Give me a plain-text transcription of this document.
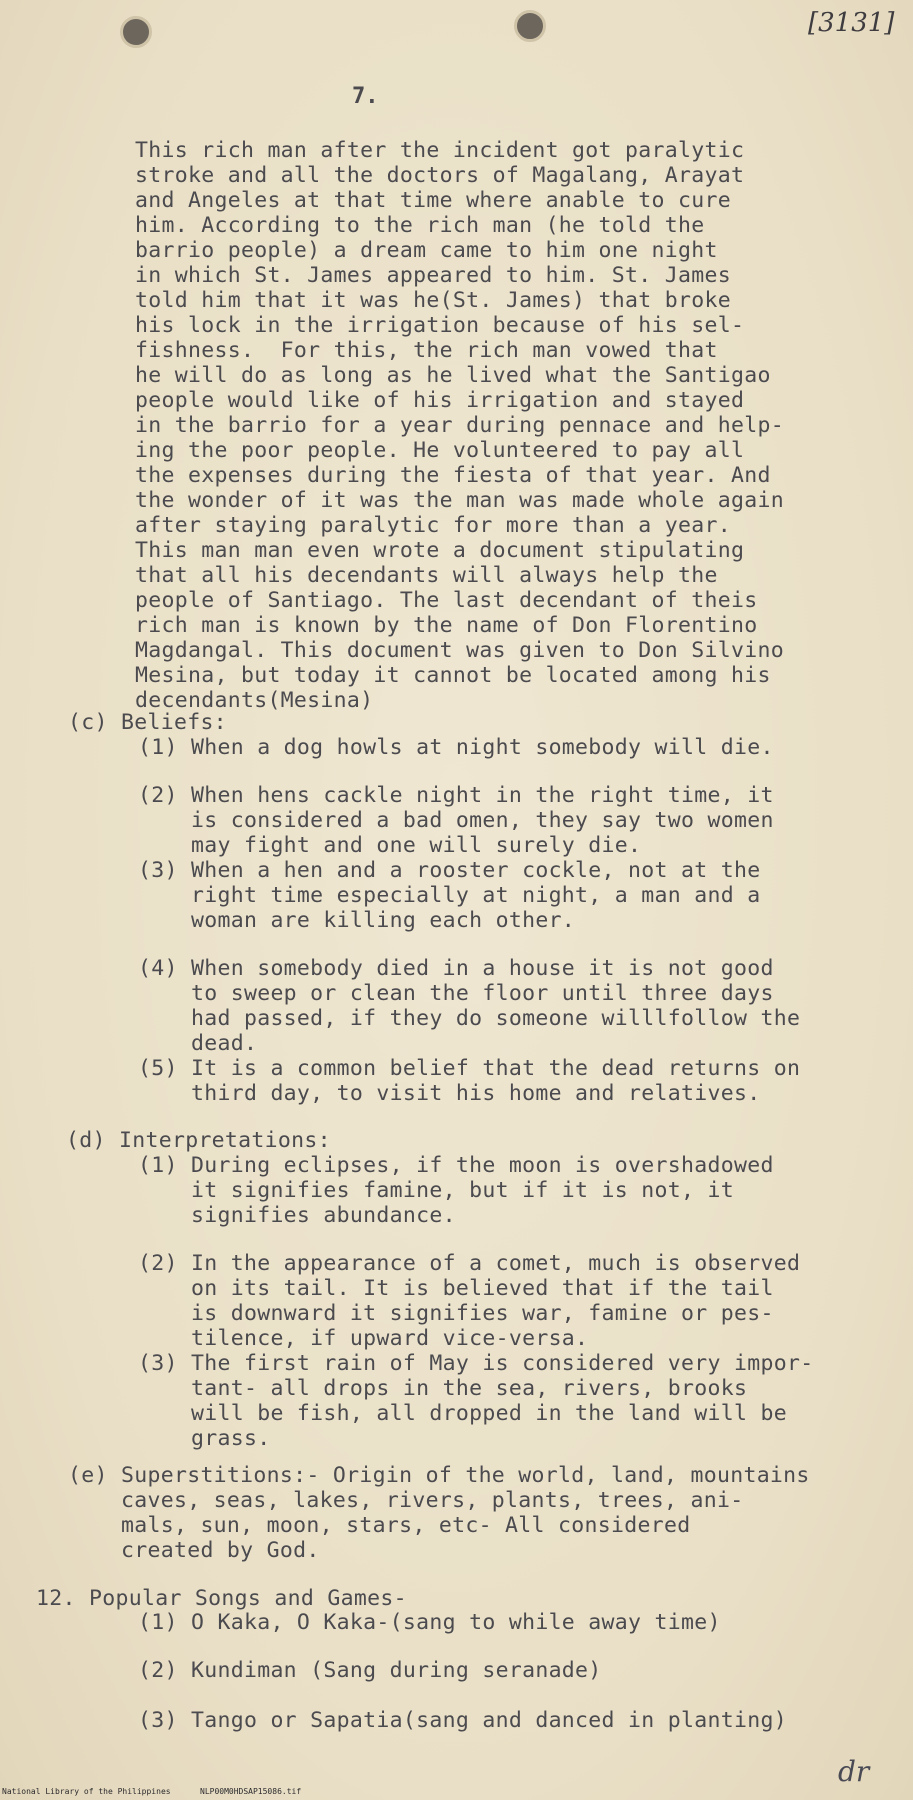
[3131]
7.
This rich man after the incident got paralytic
stroke and all the doctors of Magalang, Arayat
and Angeles at that time where anable to cure
him. According to the rich man (he told the
barrio people) a dream came to him one night
in which St. James appeared to him. St. James
told him that it was he(St. James) that broke
his lock in the irrigation because of his sel-
fishness.  For this, the rich man vowed that
he will do as long as he lived what the Santigao
people would like of his irrigation and stayed
in the barrio for a year during pennace and help-
ing the poor people. He volunteered to pay all
the expenses during the fiesta of that year. And
the wonder of it was the man was made whole again
after staying paralytic for more than a year.
This man man even wrote a document stipulating
that all his decendants will always help the
people of Santiago. The last decendant of theis
rich man is known by the name of Don Florentino
Magdangal. This document was given to Don Silvino
Mesina, but today it cannot be located among his
decendants(Mesina)
(c) Beliefs:
(1) When a dog howls at night somebody will die.
(2) When hens cackle night in the right time, it
is considered a bad omen, they say two women
may fight and one will surely die.
(3) When a hen and a rooster cockle, not at the
right time especially at night, a man and a
woman are killing each other.
(4) When somebody died in a house it is not good
to sweep or clean the floor until three days
had passed, if they do someone willlfollow the
dead.
(5) It is a common belief that the dead returns on
third day, to visit his home and relatives.
(d) Interpretations:
(1) During eclipses, if the moon is overshadowed
it signifies famine, but if it is not, it
signifies abundance.
(2) In the appearance of a comet, much is observed
on its tail. It is believed that if the tail
is downward it signifies war, famine or pes-
tilence, if upward vice-versa.
(3) The first rain of May is considered very impor-
tant- all drops in the sea, rivers, brooks
will be fish, all dropped in the land will be
grass.
(e) Superstitions:- Origin of the world, land, mountains
caves, seas, lakes, rivers, plants, trees, ani-
mals, sun, moon, stars, etc- All considered
created by God.
12. Popular Songs and Games-
(1) O Kaka, O Kaka-(sang to while away time)
(2) Kundiman (Sang during seranade)
(3) Tango or Sapatia(sang and danced in planting)
dr
National Library of the Philippines	NLP00M0HDSAP15086.tif
